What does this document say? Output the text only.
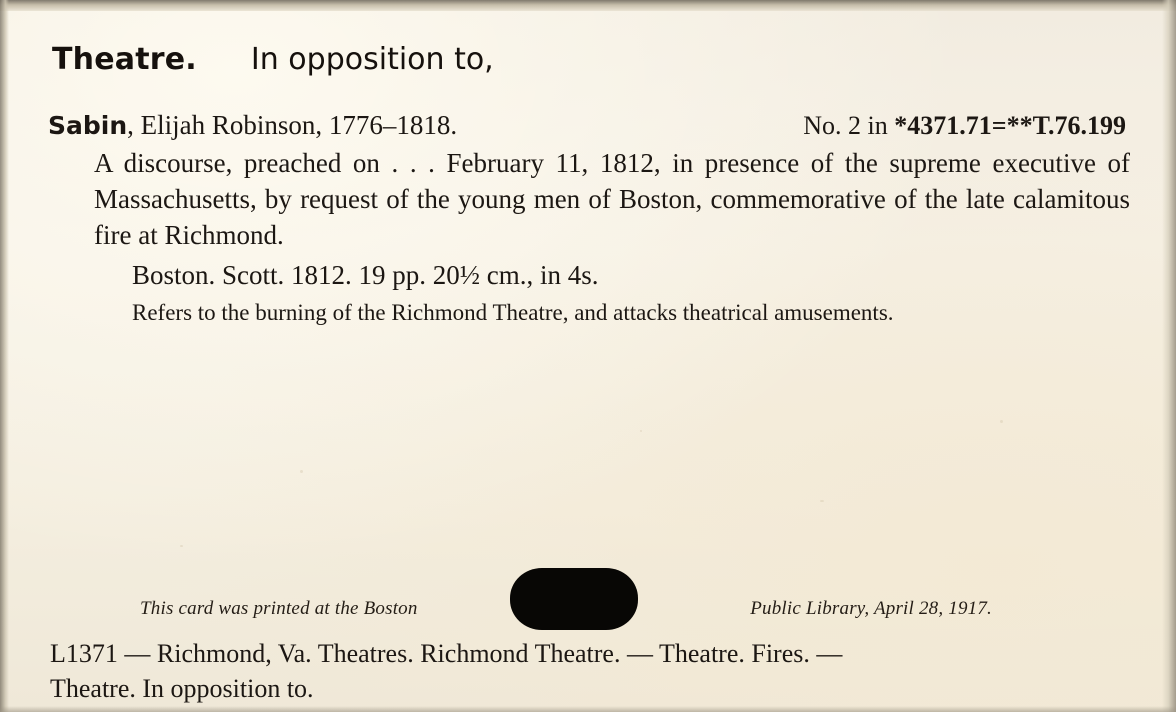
Theatre. In opposition to,
Sabin, Elijah Robinson, 1776–1818.	No. 2 in *4371.71=**T.76.199
A discourse, preached on . . . February 11, 1812, in presence of the supreme executive of Massachusetts, by request of the young men of Boston, commemorative of the late calamitous fire at Richmond.
Boston. Scott. 1812. 19 pp. 20½ cm., in 4s.
Refers to the burning of the Richmond Theatre, and attacks theatrical amusements.
This card was printed at the Boston	Public Library, April 28, 1917.
L1371 — Richmond, Va. Theatres. Richmond Theatre. — Theatre. Fires. —
Theatre. In opposition to.
